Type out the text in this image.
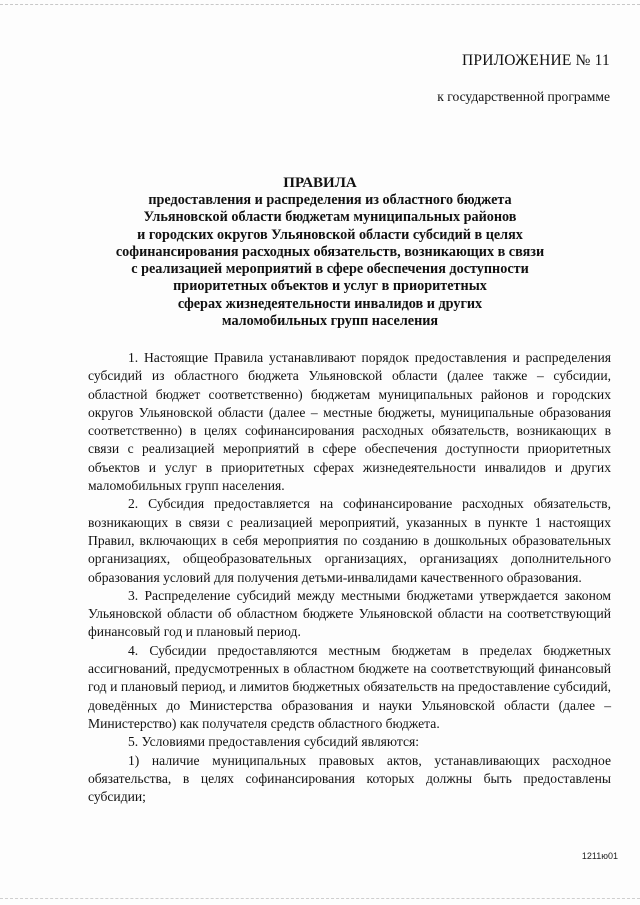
ПРИЛОЖЕНИЕ № 11
к государственной программе
ПРАВИЛА
предоставления и распределения из областного бюджета
Ульяновской области бюджетам муниципальных районов
и городских округов Ульяновской области субсидий в целях
софинансирования расходных обязательств, возникающих в связи
с реализацией мероприятий в сфере обеспечения доступности
приоритетных объектов и услуг в приоритетных
сферах жизнедеятельности инвалидов и других
маломобильных групп населения

1. Настоящие Правила устанавливают порядок предоставления и распределения субсидий из областного бюджета Ульяновской области (далее также – субсидии, областной бюджет соответственно) бюджетам муниципальных районов и городских округов Ульяновской области (далее – местные бюджеты, муниципальные образования соответственно) в целях софинансирования расходных обязательств, возникающих в связи с реализацией мероприятий в сфере обеспечения доступности приоритетных объектов и услуг в приоритетных сферах жизнедеятельности инвалидов и других маломобильных групп населения.

2. Субсидия предоставляется на софинансирование расходных обязательств, возникающих в связи с реализацией мероприятий, указанных в пункте 1 настоящих Правил, включающих в себя мероприятия по созданию в дошкольных образовательных организациях, общеобразовательных организациях, организациях дополнительного образования условий для получения детьми-инвалидами качественного образования.

3. Распределение субсидий между местными бюджетами утверждается законом Ульяновской области об областном бюджете Ульяновской области на соответствующий финансовый год и плановый период.

4. Субсидии предоставляются местным бюджетам в пределах бюджетных ассигнований, предусмотренных в областном бюджете на соответствующий финансовый год и плановый период, и лимитов бюджетных обязательств на предоставление субсидий, доведённых до Министерства образования и науки Ульяновской области (далее – Министерство) как получателя средств областного бюджета.

5. Условиями предоставления субсидий являются:

1) наличие муниципальных правовых актов, устанавливающих расходное обязательства, в целях софинансирования которых должны быть предоставлены субсидии;

1211ю01
